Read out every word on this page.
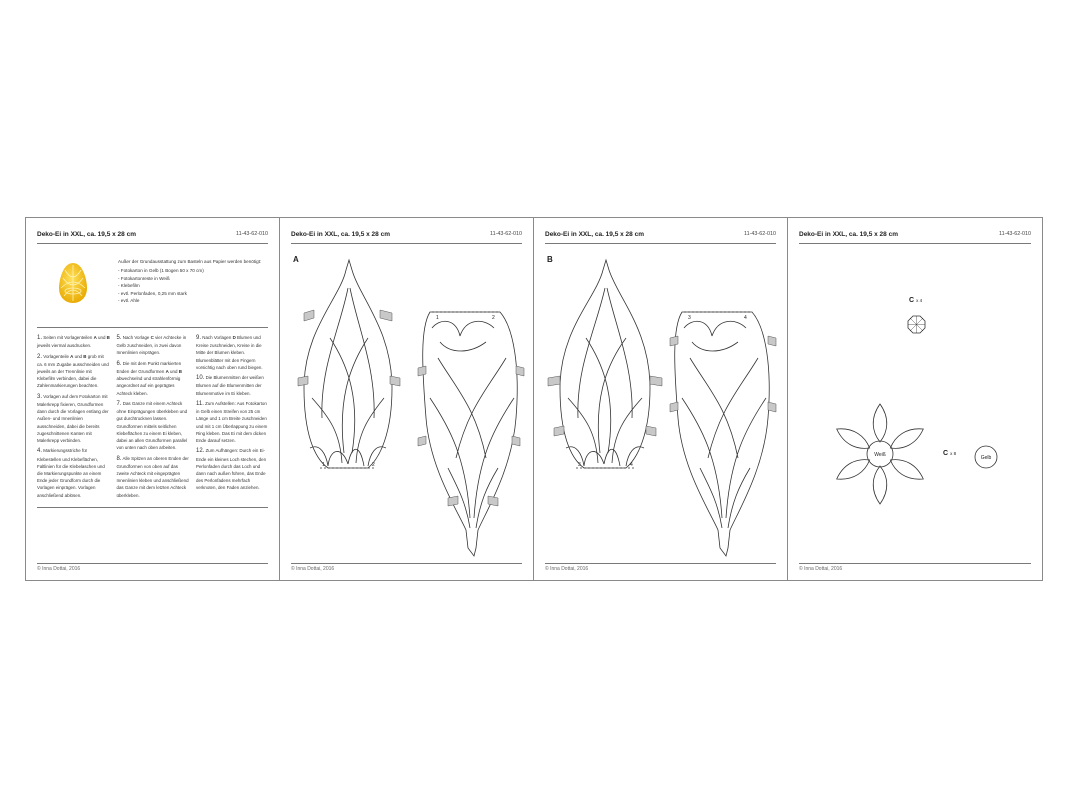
Deko-Ei in XXL, ca. 19,5 x 28 cm	11-43-62-010
Außer der Grundausstattung zum Basteln aus Papier werden benötigt:
- Fotokarton in Gelb (1 Bogen 50 x 70 cm)
- Fotokartonreste in Weiß
- Klebefilm
- evtl. Perlonfaden, 0,25 mm stark
- evtl. Ahle
1. Seiten mit Vorlagenteilen A und B jeweils viermal ausdrucken.
2. Vorlagenteile A und B grob mit ca. 6 mm Zugabe ausschneiden und jeweils an der Trennlinie mit Klebefilm verbinden, dabei die Zahlenmarkierungen beachten.
3. Vorlagen auf dem Fotokarton mit Malerkrepp fixieren, Grundformen dann durch die Vorlagen entlang der Außen- und Innenlinien ausschneiden, dabei die bereits zugeschnittenen Kanten mit Malerkrepp verbinden.
4. Markierungsstriche für Klebestellen und Klebeflächen, Faltlinien für die Klebelaschen und die Markierungspunkte an einem Ende jeder Grundform durch die Vorlagen einprägen. Vorlagen anschließend ablösen.
5. Nach Vorlage C vier Achtecke in Gelb zuschneiden, in zwei davon Innenlinien einprägen.
6. Die mit dem Punkt markierten Enden der Grundformen A und B abwechselnd und strahlenförmig angeordnet auf ein geprägtes Achteck kleben.
7. Das Ganze mit einem Achteck ohne Einprägungen überkleben und gut durchtrocknen lassen. Grundformen mittels seitlichen Klebeflächen zu einem Ei kleben, dabei an allen Grundformen parallel von unten nach oben arbeiten.
8. Alle Spitzen an oberen Enden der Grundformen von oben auf das zweite Achteck mit eingeprägten Innenlinien kleben und anschließend das Ganze mit dem letzten Achteck überkleben.
9. Nach Vorlagen D Blumen und Kreise zuschneiden, Kreise in die Mitte der Blumen kleben. Blumenblätter mit den Fingern vorsichtig nach oben rund biegen.
10. Die Blumenmitten der weißen Blumen auf die Blumenmitten der Blumenmotive im Ei kleben.
11. Zum Aufstellen: Aus Fotokarton in Gelb einen Streifen von 25 cm Länge und 1 cm Breite zuschneiden und mit 1 cm Überlappung zu einem Ring kleben. Das Ei mit dem dicken Ende darauf setzen.
12. Zum Aufhängen: Durch ein Ei-Ende ein kleines Loch stechen, den Perlonfaden durch das Loch und dann nach außen führen, das Ende des Perlonfadens mehrfach verknoten, den Faden anziehen.
© Inna Dottai, 2016
Deko-Ei in XXL, ca. 19,5 x 28 cm	11-43-62-010
A
1	2
1	2
© Inna Dottai, 2016
Deko-Ei in XXL, ca. 19,5 x 28 cm	11-43-62-010
B
3	4
3	4
© Inna Dottai, 2016
Deko-Ei in XXL, ca. 19,5 x 28 cm	11-43-62-010
Cx 4
Cx 8
Weiß	Gelb
© Inna Dottai, 2016
